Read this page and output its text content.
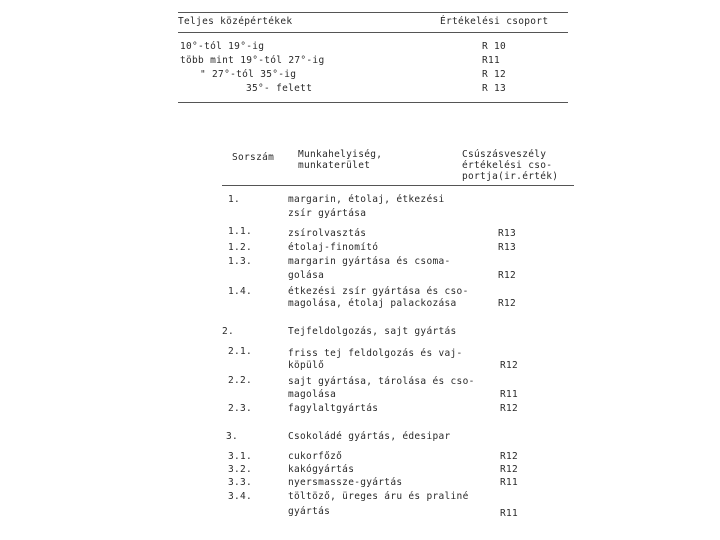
Teljes középértékek	Értékelési csoport
10°-tól 19°-ig	R 10
több mint 19°-tól 27°-ig	R11
" 27°-tól 35°-ig	R 12
35°- felett	R 13
Sorszám	Munkahelyiség,
munkaterület
Csúszásveszély
értékelési cso-
portja(ir.érték)
1.	margarin, étolaj, étkezési
zsír gyártása
1.1.	zsírolvasztás	R13
1.2.	étolaj-finomító	R13
1.3.	margarin gyártása és csoma-
golása	R12
1.4.	étkezési zsír gyártása és cso-
magolása, étolaj palackozása	R12
2.	Tejfeldolgozás, sajt gyártás
2.1.	friss tej feldolgozás és vaj-
köpülő	R12
2.2.	sajt gyártása, tárolása és cso-
magolása	R11
2.3.	fagylaltgyártás	R12
3.	Csokoládé gyártás, édesipar
3.1.	cukorfőző	R12
3.2.	kakógyártás	R12
3.3.	nyersmassze-gyártás	R11
3.4.	töltöző, üreges áru és praliné
gyártás	R11
